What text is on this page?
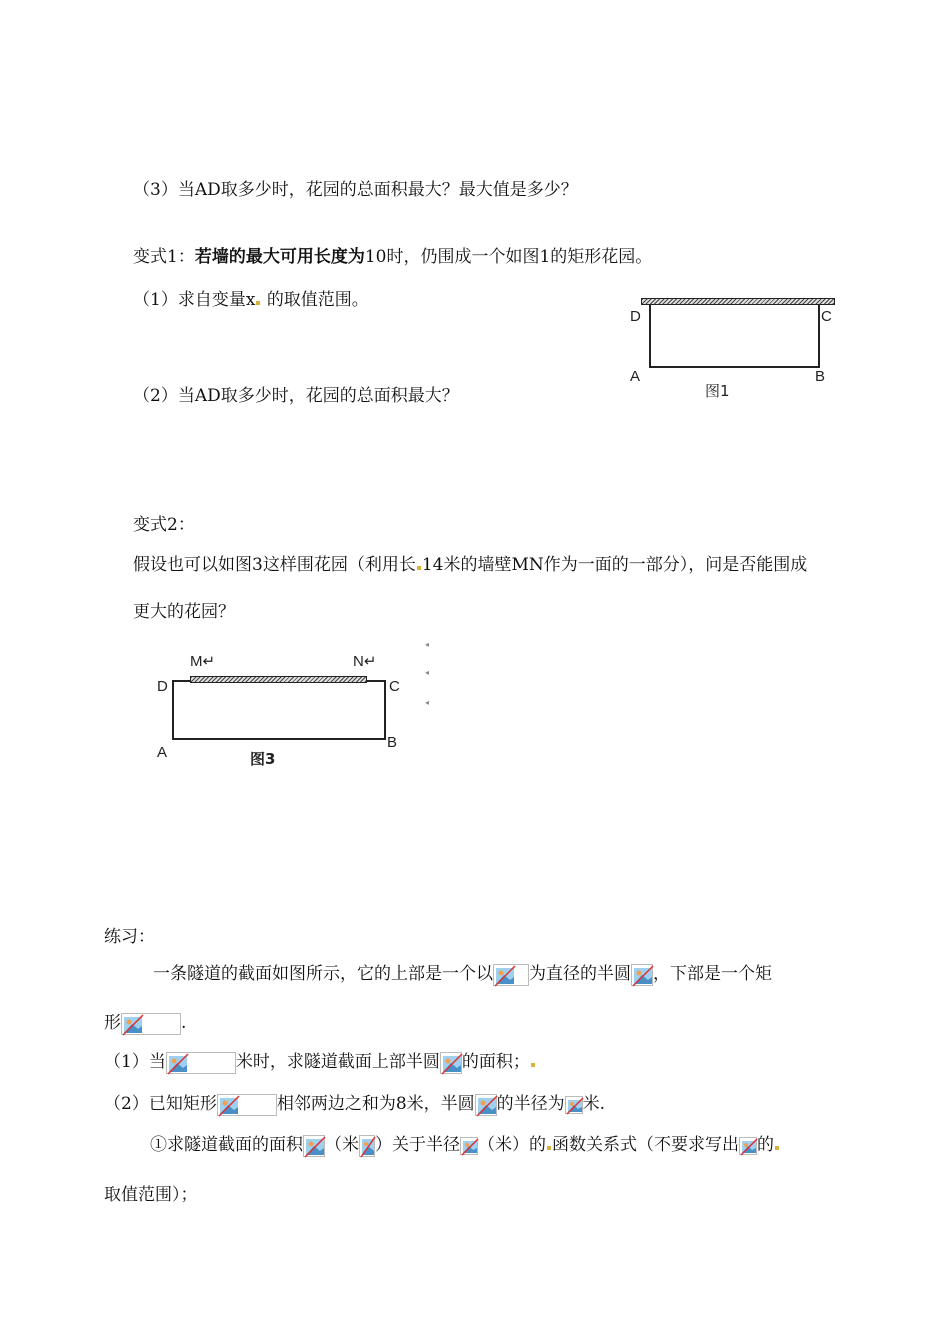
（3）当AD取多少时，花园的总面积最大？最大值是多少？
变式1：若墙的最大可用长度为10时，仍围成一个如图1的矩形花园。
（1）求自变量x 的取值范围。
（2）当AD取多少时，花园的总面积最大？
D	C
A	B
图1
变式2：
假设也可以如图3这样围花园（利用长 14米的墙壁MN作为一面的一部分），问是否能围成
更大的花园？
M↵	N↵
D	C
A
B
图3
◂
◂
◂
练习：
一条隧道的截面如图所示，它的上部是一个以 为直径的半圆 ，下部是一个矩
形	.
（1）当	米时，求隧道截面上部半圆 的面积；
（2）已知矩形	相邻两边之和为8米，半圆 的半径为 米.
①求隧道截面的面积 （米 ）关于半径 （米）的 函数关系式（不要求写出 的
取值范围）；
